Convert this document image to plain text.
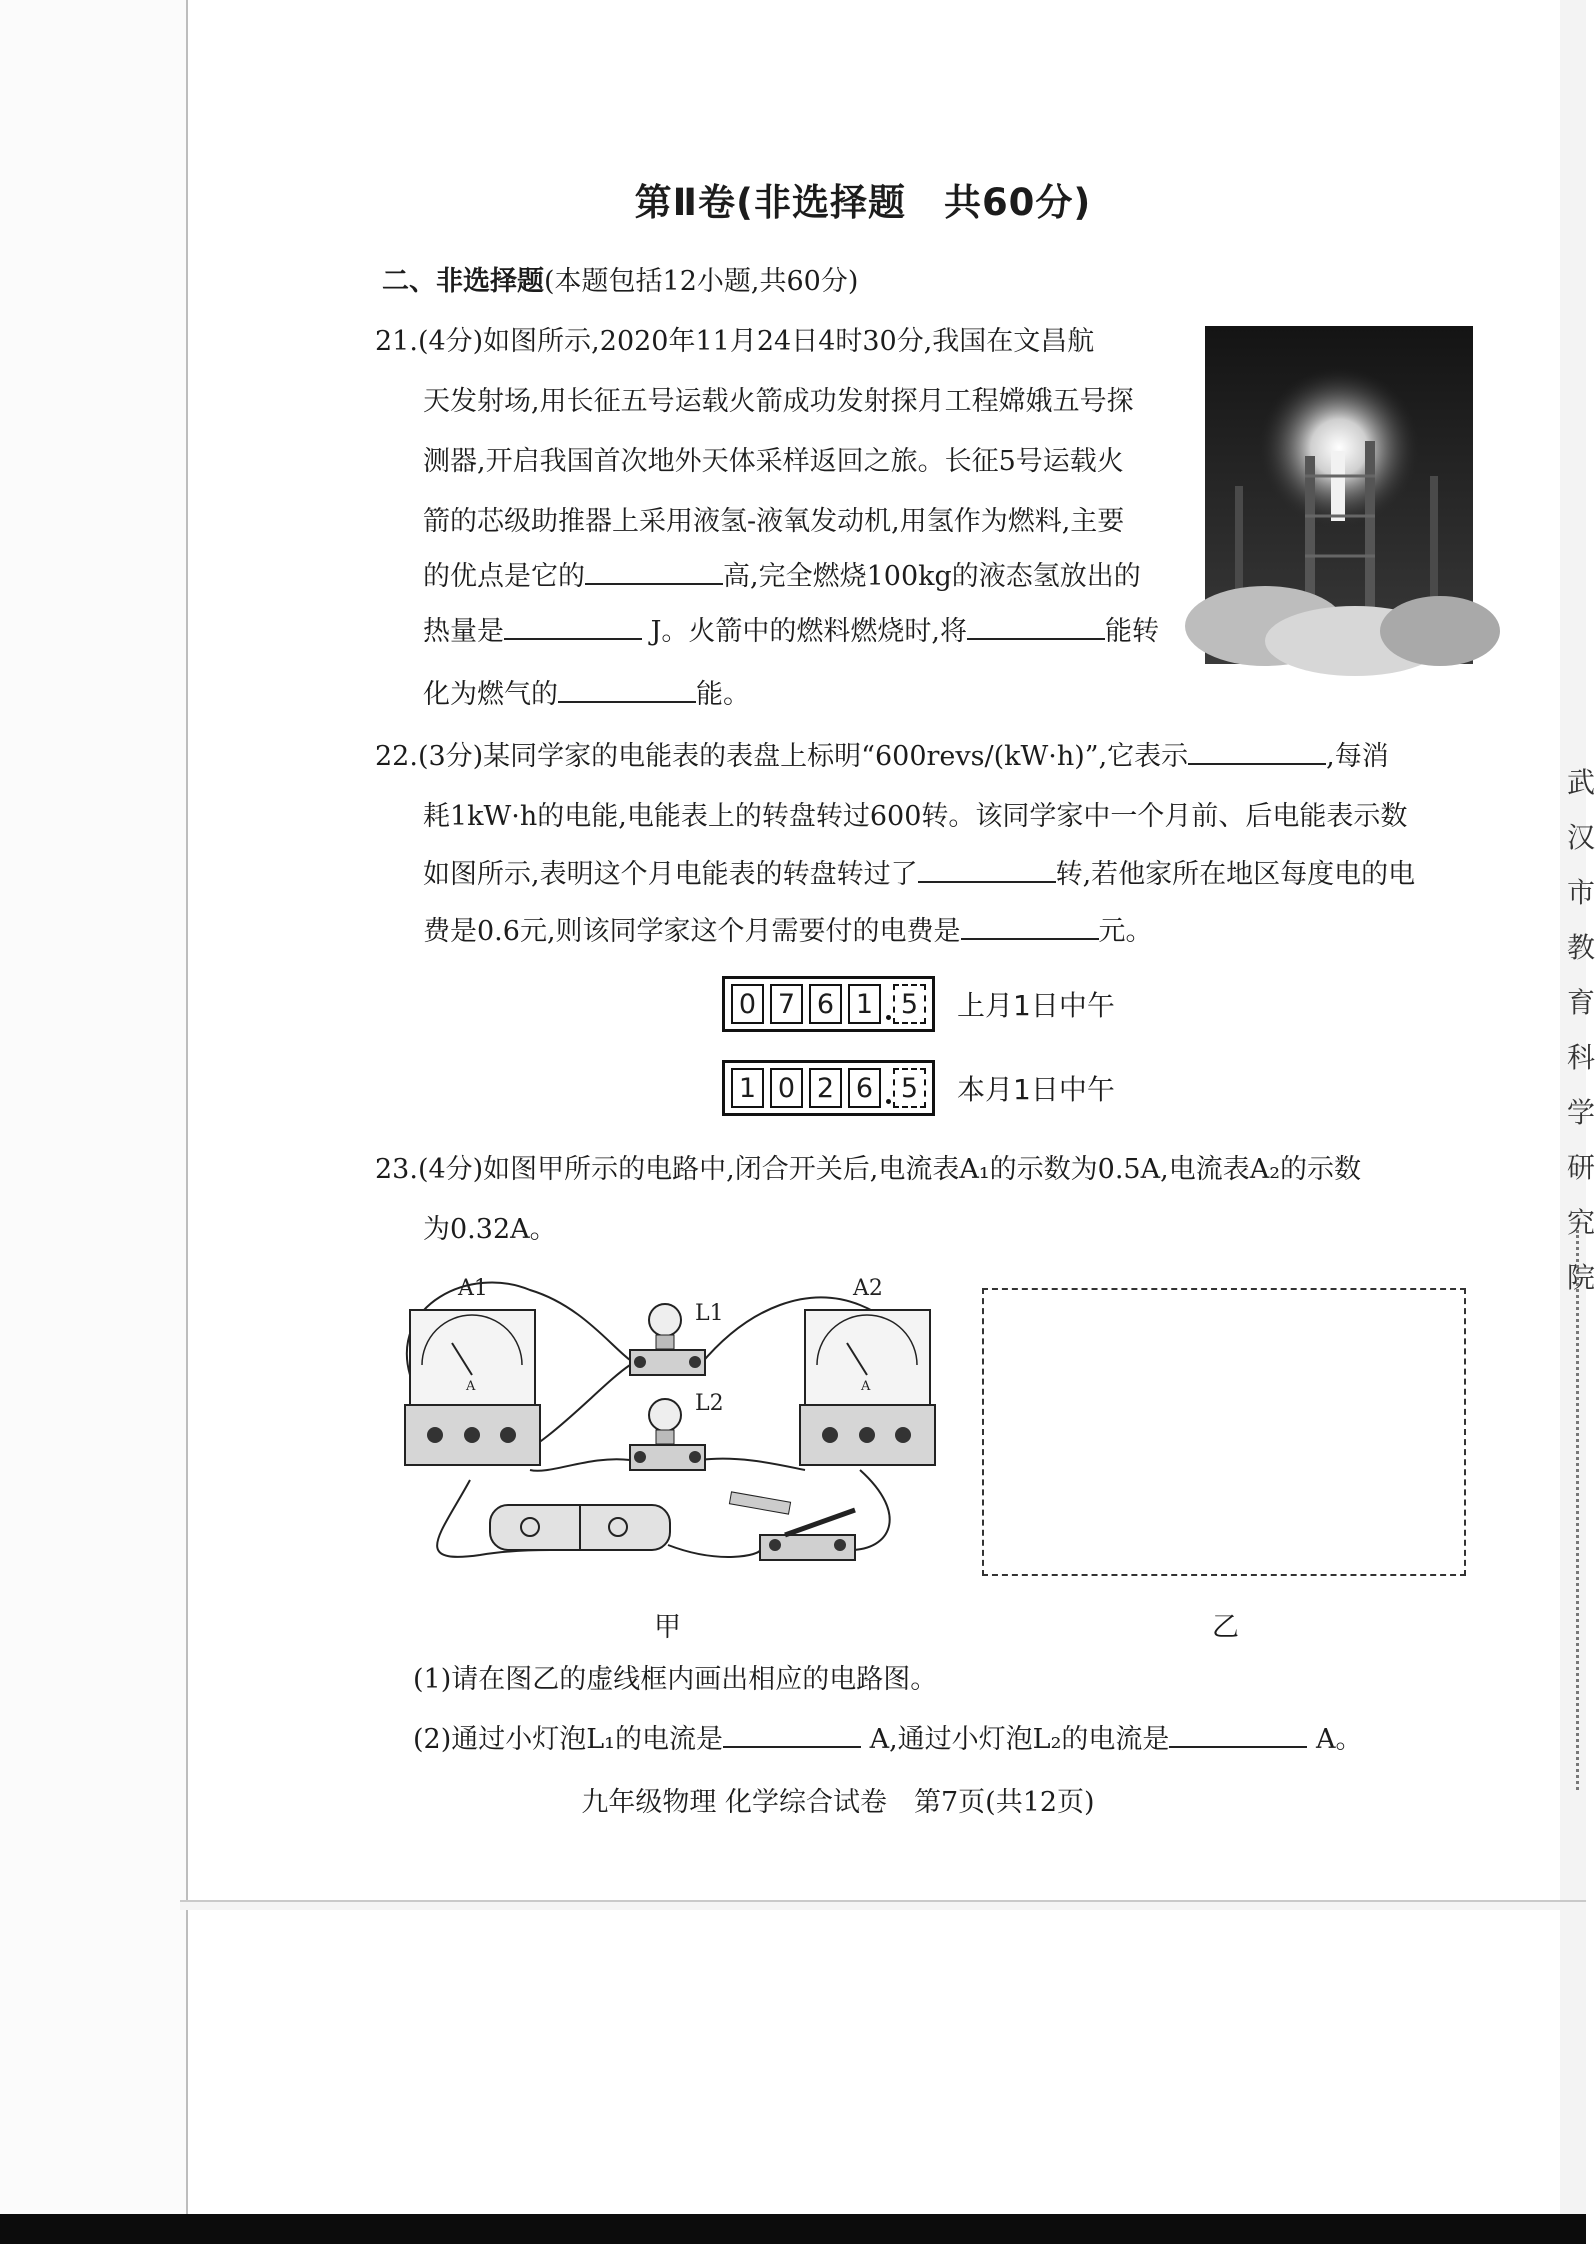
武汉市教育科学研究院
第Ⅱ卷(非选择题　共60分)
二、非选择题(本题包括12小题,共60分)
21.(4分)如图所示,2020年11月24日4时30分,我国在文昌航
天发射场,用长征五号运载火箭成功发射探月工程嫦娥五号探
测器,开启我国首次地外天体采样返回之旅。长征5号运载火
箭的芯级助推器上采用液氢-液氧发动机,用氢作为燃料,主要
的优点是它的	高,完全燃烧100kg的液态氢放出的
热量是	J。火箭中的燃料燃烧时,将	能转
化为燃气的	能。
22.(3分)某同学家的电能表的表盘上标明“600revs/(kW·h)”,它表示	,每消
耗1kW·h的电能,电能表上的转盘转过600转。该同学家中一个月前、后电能表示数
如图所示,表明这个月电能表的转盘转过了	转,若他家所在地区每度电的电
费是0.6元,则该同学家这个月需要付的电费是	元。
0 7 6 1 5 上月1日中午
1 0 2 6 5 本月1日中午
23.(4分)如图甲所示的电路中,闭合开关后,电流表A₁的示数为0.5A,电流表A₂的示数
为0.32A。
A1
A
L1
L2
A2
A
甲	乙
(1)请在图乙的虚线框内画出相应的电路图。
(2)通过小灯泡L₁的电流是	A,通过小灯泡L₂的电流是	A。
九年级物理 化学综合试卷　第7页(共12页)
